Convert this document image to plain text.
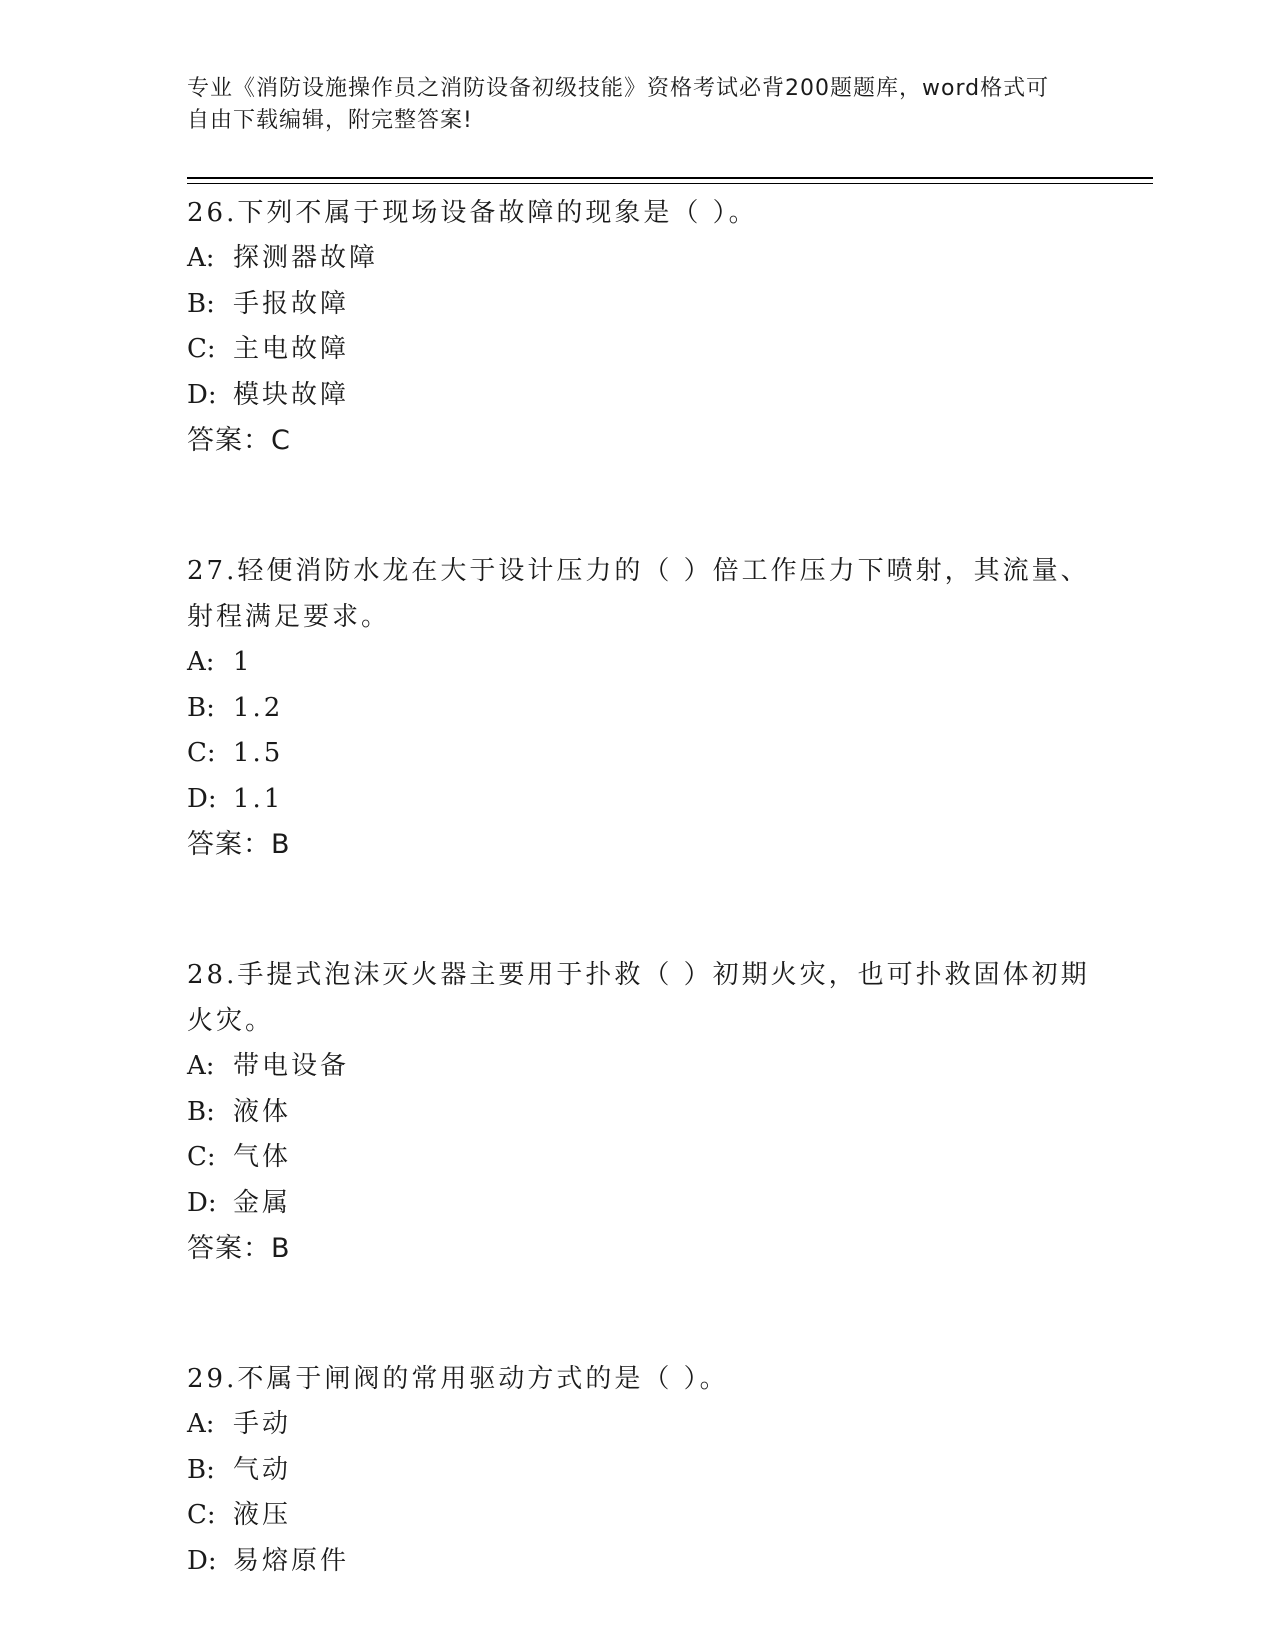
专业《消防设施操作员之消防设备初级技能》资格考试必背200题题库，word格式可自由下载编辑，附完整答案!
26.下列不属于现场设备故障的现象是（ ）。
A: 探测器故障
B: 手报故障
C: 主电故障
D: 模块故障
答案：C
27.轻便消防水龙在大于设计压力的（ ）倍工作压力下喷射，其流量、射程满足要求。
A: 1
B: 1.2
C: 1.5
D: 1.1
答案：B
28.手提式泡沫灭火器主要用于扑救（ ）初期火灾，也可扑救固体初期火灾。
A: 带电设备
B: 液体
C: 气体
D: 金属
答案：B
29.不属于闸阀的常用驱动方式的是（ ）。
A: 手动
B: 气动
C: 液压
D: 易熔原件
